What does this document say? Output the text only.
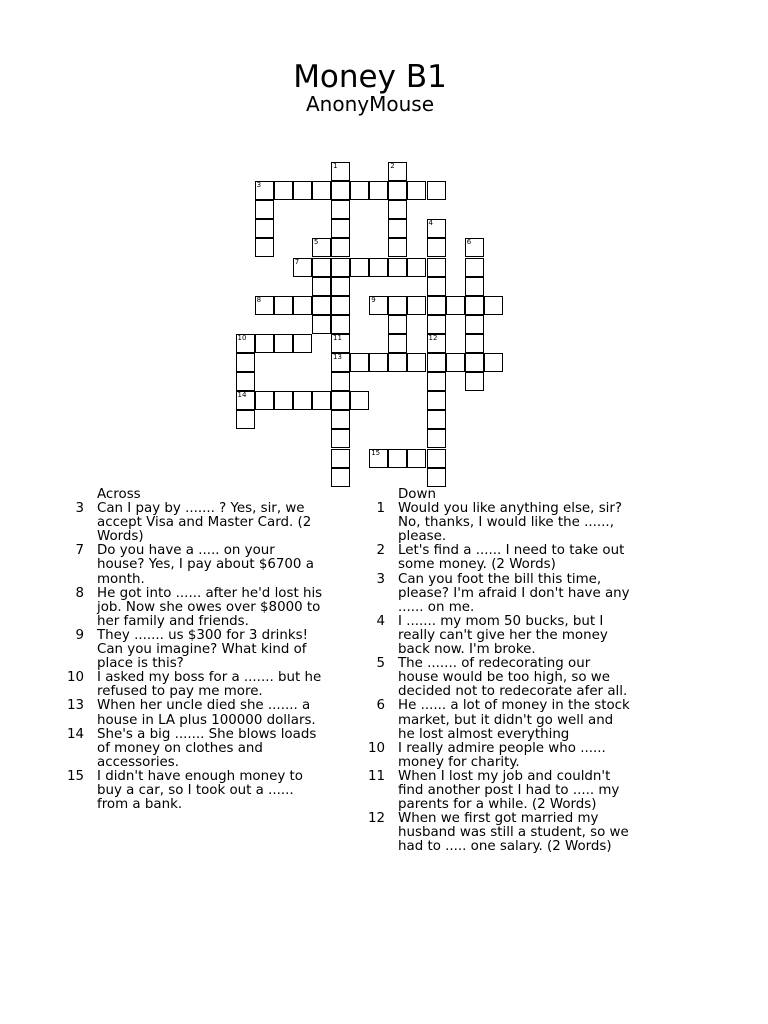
Money B1
AnonyMouse
3
7
8	9
10
13
14
15
1	2
4
5	6
11	12
Across
3 Can I pay by ....... ? Yes, sir, we accept Visa and Master Card. (2 Words)
7 Do you have a ..... on your house? Yes, I pay about $6700 a month.
8 He got into ...... after he'd lost his job. Now she owes over $8000 to her family and friends.
9 They ....... us $300 for 3 drinks! Can you imagine? What kind of place is this?
10 I asked my boss for a ....... but he refused to pay me more.
13 When her uncle died she ....... a house in LA plus 100000 dollars.
14 She's a big ....... She blows loads of money on clothes and accessories.
15 I didn't have enough money to buy a car, so I took out a ...... from a bank.
Down
1 Would you like anything else, sir? No, thanks, I would like the ......, please.
2 Let's find a ...... I need to take out some money. (2 Words)
3 Can you foot the bill this time, please? I'm afraid I don't have any ...... on me.
4 I ....... my mom 50 bucks, but I really can't give her the money back now. I'm broke.
5 The ....... of redecorating our house would be too high, so we decided not to redecorate afer all.
6 He ...... a lot of money in the stock market, but it didn't go well and he lost almost everything
10 I really admire people who ...... money for charity.
11 When I lost my job and couldn't find another post I had to ..... my parents for a while. (2 Words)
12 When we first got married my husband was still a student, so we had to ..... one salary. (2 Words)
